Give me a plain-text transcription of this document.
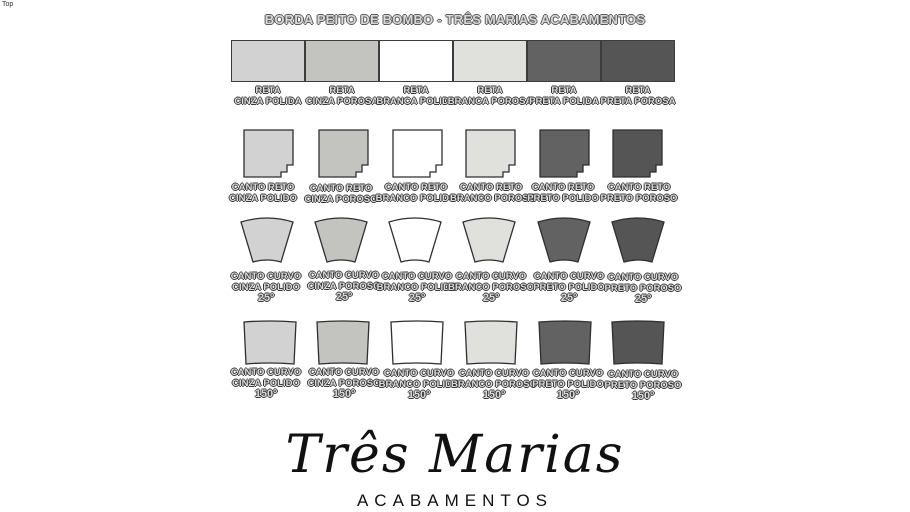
Top
BORDA PEITO DE BOMBO - TRÊS MARIAS ACABAMENTOS
RETA
CINZA POLIDA
RETA
CINZA POROSA
RETA
BRANCA POLIDA
RETA
BRANCA POROSA
RETA
PRETA POLIDA
RETA
PRETA POROSA
CANTO RETO
CINZA POLIDO
CANTO RETO
CINZA POROSO
CANTO RETO
BRANCO POLIDO
CANTO RETO
BRANCO POROSO
CANTO RETO
PRETO POLIDO
CANTO RETO
PRETO POROSO
CANTO CURVO
CINZA POLIDO
25º
CANTO CURVO
CINZA POROSO
25º
CANTO CURVO
BRANCO POLIDO
25º
CANTO CURVO
BRANCO POROSO
25º
CANTO CURVO
PRETO POLIDO
25º
CANTO CURVO
PRETO POROSO
25º
CANTO CURVO
CINZA POLIDO
150º
CANTO CURVO
CINZA POROSO
150º
CANTO CURVO
BRANCO POLIDO
150º
CANTO CURVO
BRANCO POROSO
150º
CANTO CURVO
PRETO POLIDO
150º
CANTO CURVO
PRETO POROSO
150º
Três Marias
ACABAMENTOS
